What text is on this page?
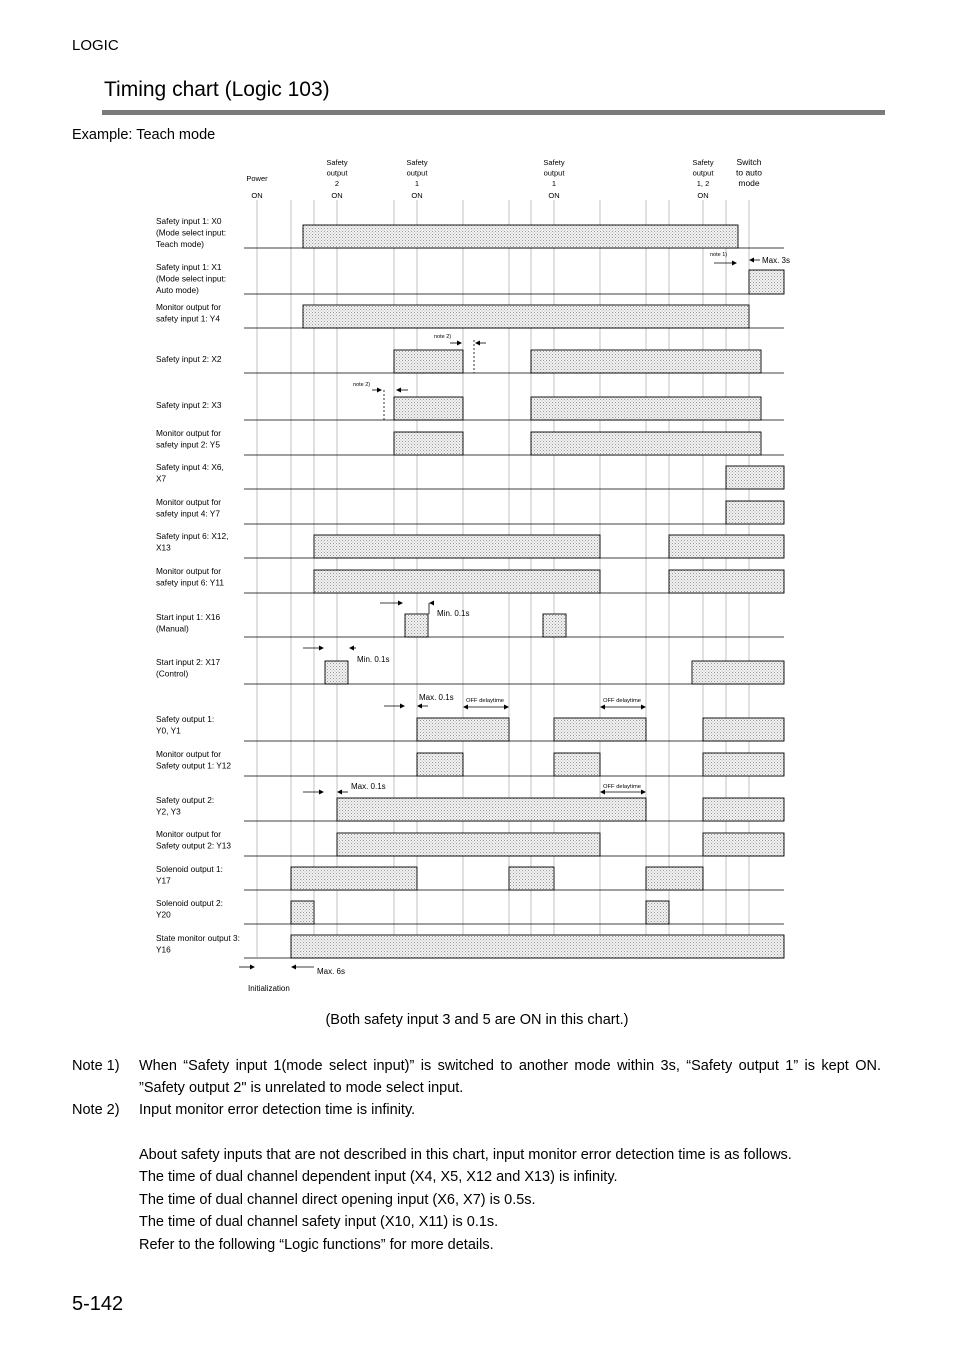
LOGIC
Timing chart (Logic 103)
Example: Teach mode
Power
ON
Safety
output
2
ON
Safety
output
1
ON
Safety
output
1
ON
Safety
output
1, 2
ON
Switch
to auto
mode
Safety input 1: X0
(Mode select input:
Teach mode)
Safety input 1: X1
(Mode select input:
Auto mode)
Monitor output for
safety input 1: Y4
Safety input 2: X2
Safety input 2: X3
Monitor output for
safety input 2: Y5
Safety input 4: X6,
X7
Monitor output for
safety input 4: Y7
Safety input 6: X12,
X13
Monitor output for
safety input 6: Y11
Start input 1: X16
(Manual)
Start input 2: X17
(Control)
Safety output 1:
Y0, Y1
Monitor output for
Safety output 1: Y12
Safety output 2:
Y2, Y3
Monitor output for
Safety output 2: Y13
Solenoid output 1:
Y17
Solenoid output 2:
Y20
State monitor output 3:
Y16
note 1)
Max. 3s
note 2)
note 2)
Min. 0.1s
Min. 0.1s
Max. 0.1s OFF delaytime	OFF delaytime
Max. 0.1s	OFF delaytime
Max. 6s
Initialization
(Both safety input 3 and 5 are ON in this chart.)
Note 1) When “Safety input 1(mode select input)” is switched to another mode within 3s, “Safety output 1” is kept ON. ”Safety output 2" is unrelated to mode select input.
Note 2) Input monitor error detection time is infinity.
About safety inputs that are not described in this chart, input monitor error detection time is as follows.
The time of dual channel dependent input (X4, X5, X12 and X13) is infinity.
The time of dual channel direct opening input (X6, X7) is 0.5s.
The time of dual channel safety input (X10, X11) is 0.1s.
Refer to the following “Logic functions” for more details.
5-142
